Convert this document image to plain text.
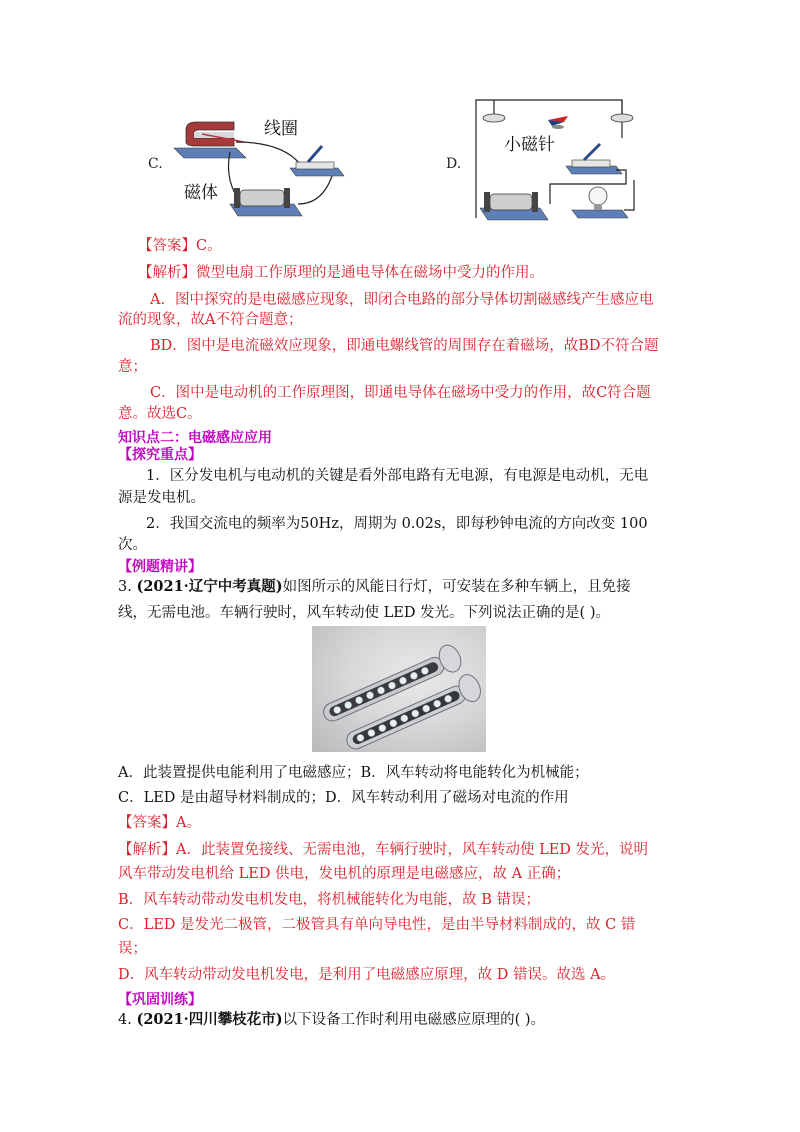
C.
线圈
磁体
D.
小磁针
【答案】C。
【解析】微型电扇工作原理的是通电导体在磁场中受力的作用。
A．图中探究的是电磁感应现象，即闭合电路的部分导体切割磁感线产生感应电
流的现象，故A不符合题意；
BD．图中是电流磁效应现象，即通电螺线管的周围存在着磁场，故BD不符合题
意；
C．图中是电动机的工作原理图，即通电导体在磁场中受力的作用，故C符合题
意。故选C。
知识点二：电磁感应应用
【探究重点】
1．区分发电机与电动机的关键是看外部电路有无电源，有电源是电动机，无电
源是发电机。
2．我国交流电的频率为50Hz，周期为 0.02s，即每秒钟电流的方向改变 100
次。
【例题精讲】
3. (2021·辽宁中考真题)如图所示的风能日行灯，可安装在多种车辆上，且免接
线，无需电池。车辆行驶时，风车转动使 LED 发光。下列说法正确的是( )。
A．此装置提供电能利用了电磁感应；B．风车转动将电能转化为机械能；
C．LED 是由超导材料制成的；D．风车转动利用了磁场对电流的作用
【答案】A。
【解析】A．此装置免接线、无需电池，车辆行驶时，风车转动使 LED 发光，说明
风车带动发电机给 LED 供电，发电机的原理是电磁感应，故 A 正确；
B．风车转动带动发电机发电，将机械能转化为电能，故 B 错误；
C．LED 是发光二极管，二极管具有单向导电性，是由半导材料制成的，故 C 错
误；
D．风车转动带动发电机发电，是利用了电磁感应原理，故 D 错误。故选 A。
【巩固训练】
4. (2021·四川攀枝花市)以下设备工作时利用电磁感应原理的( )。
